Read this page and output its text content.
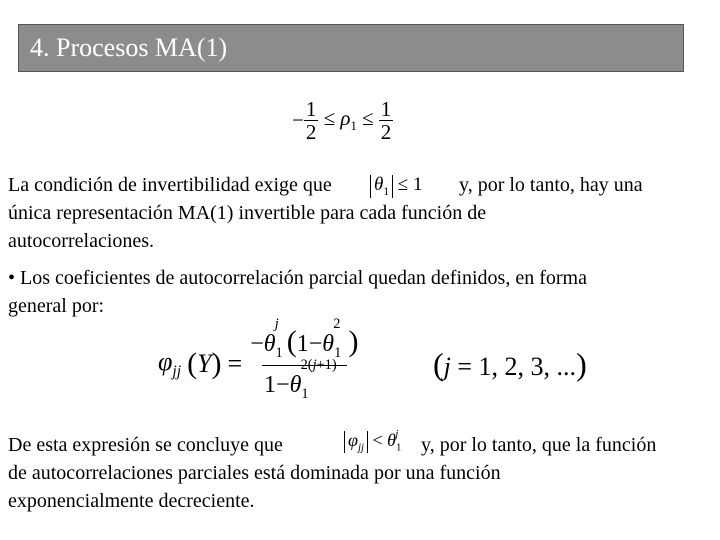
4. Procesos MA(1)
− $\frac{1}{2} \le \rho_1 \le \frac{1}{2}$
La condición de invertibilidad exige que $\theta_1 \le 1$ y, por lo tanto, hay una
única representación MA(1) invertible para cada función de
autocorrelaciones.
• Los coeficientes de autocorrelación parcial quedan definidos, en forma
general por:
$\varphi_{jj}$ ( Y ) = $\frac{-\theta_1^j(1-\theta_1^2)}{1-\theta_1^{2(j+1)}} (j = 1$, 2, 3, ...)
De esta expresión se concluye que	$\varphi_{jj} < \theta_1^j$	y, por lo tanto, que la función
de autocorrelaciones parciales está dominada por una función
exponencialmente decreciente.
